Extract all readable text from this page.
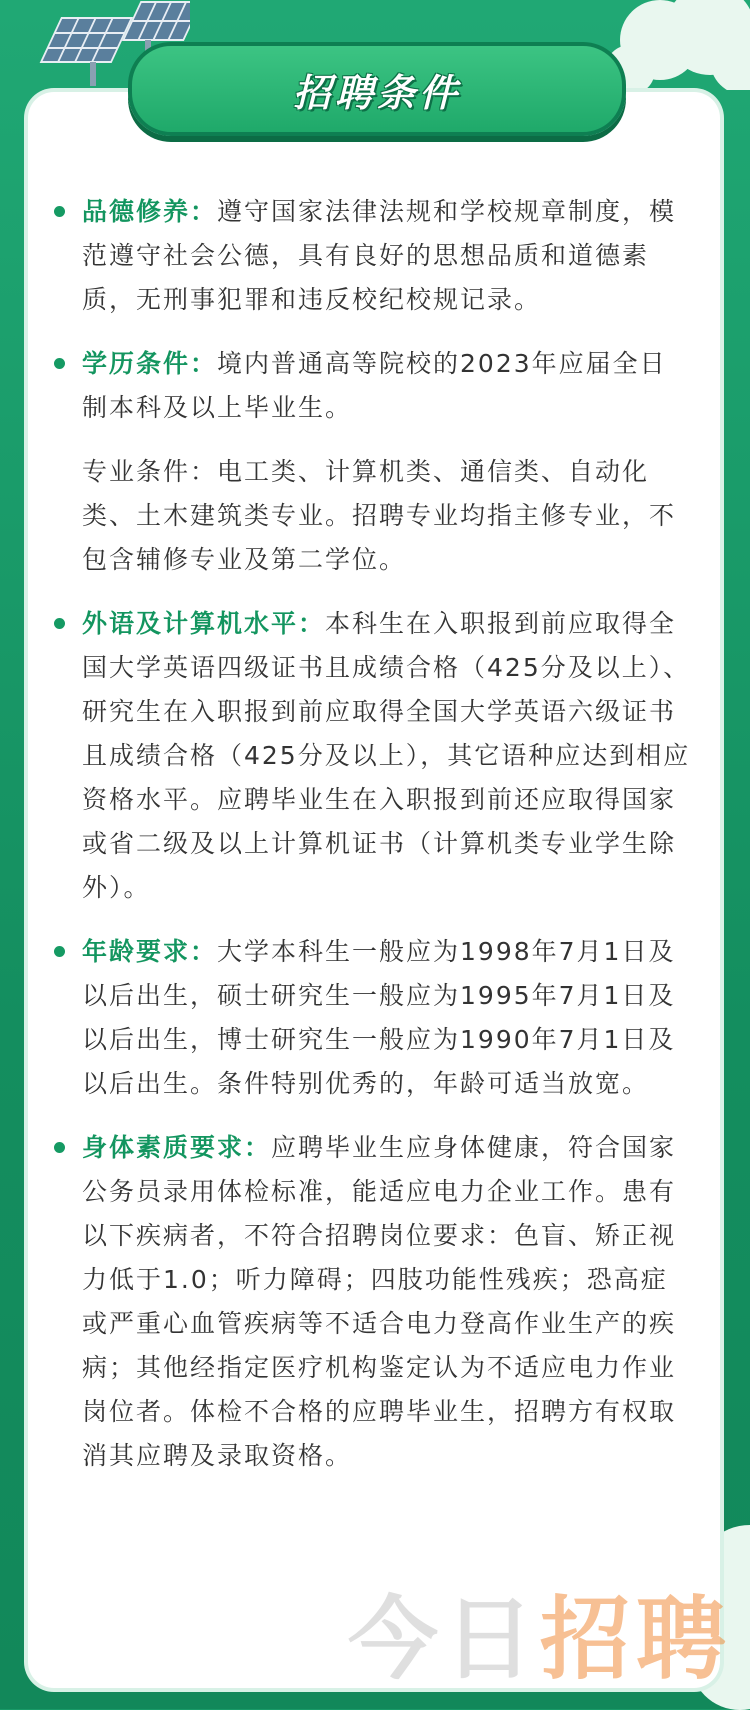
招聘条件
品德修养：遵守国家法律法规和学校规章制度，模范遵守社会公德，具有良好的思想品质和道德素质，无刑事犯罪和违反校纪校规记录。
学历条件：境内普通高等院校的2023年应届全日制本科及以上毕业生。
专业条件：电工类、计算机类、通信类、自动化类、土木建筑类专业。招聘专业均指主修专业，不包含辅修专业及第二学位。
外语及计算机水平：本科生在入职报到前应取得全国大学英语四级证书且成绩合格（425分及以上）、研究生在入职报到前应取得全国大学英语六级证书且成绩合格（425分及以上），其它语种应达到相应资格水平。应聘毕业生在入职报到前还应取得国家或省二级及以上计算机证书（计算机类专业学生除外）。
年龄要求：大学本科生一般应为1998年7月1日及以后出生，硕士研究生一般应为1995年7月1日及以后出生，博士研究生一般应为1990年7月1日及以后出生。条件特别优秀的，年龄可适当放宽。
身体素质要求：应聘毕业生应身体健康，符合国家公务员录用体检标准，能适应电力企业工作。患有以下疾病者，不符合招聘岗位要求：色盲、矫正视力低于1.0；听力障碍；四肢功能性残疾；恐高症或严重心血管疾病等不适合电力登高作业生产的疾病；其他经指定医疗机构鉴定认为不适应电力作业岗位者。体检不合格的应聘毕业生，招聘方有权取消其应聘及录取资格。
今日招聘
